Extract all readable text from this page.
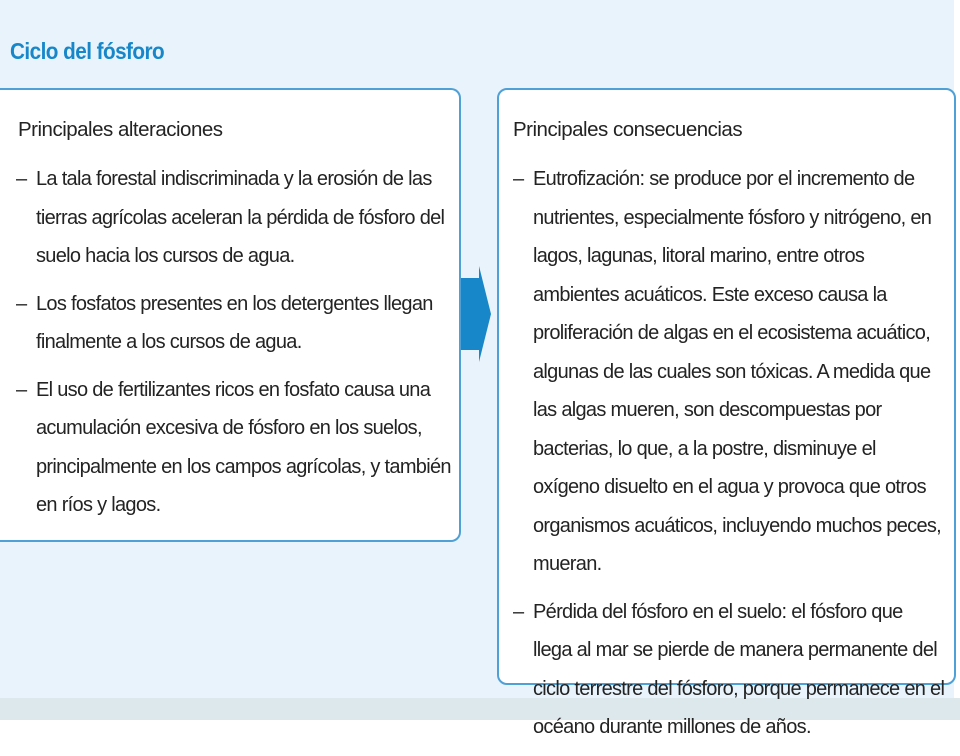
Ciclo del fósforo
Principales alteraciones
– La tala forestal indiscriminada y la erosión de las tierras agrícolas aceleran la pérdida de fósforo del suelo hacia los cursos de agua.
– Los fosfatos presentes en los detergentes llegan finalmente a los cursos de agua.
– El uso de fertilizantes ricos en fosfato causa una acumulación excesiva de fósforo en los suelos, principalmente en los campos agrícolas, y también en ríos y lagos.
Principales consecuencias
– Eutrofización: se produce por el incremento de nutrientes, especialmente fósforo y nitrógeno, en lagos, lagunas, litoral marino, entre otros ambientes acuáticos. Este exceso causa la proliferación de algas en el ecosistema acuático, algunas de las cuales son tóxicas. A medida que las algas mueren, son descompuestas por bacterias, lo que, a la postre, disminuye el oxígeno disuelto en el agua y provoca que otros organismos acuáticos, incluyendo muchos peces, mueran.
– Pérdida del fósforo en el suelo: el fósforo que llega al mar se pierde de manera permanente del ciclo terrestre del fósforo, porque permanece en el océano durante millones de años.
